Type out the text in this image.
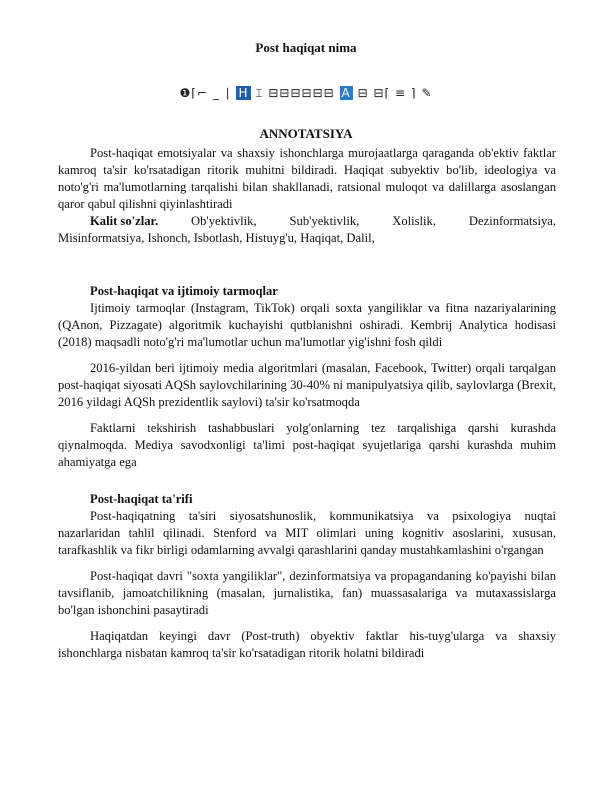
Post haqiqat nima
❶⌈⌐ _ ∣ H ⌶ ⊟⊟⊟⊟⊟⊟ A ⊟ ⊟⌈ ≡ ⌉ ✎
ANNOTATSIYA

Post-haqiqat emotsiyalar va shaxsiy ishonchlarga murojaatlarga qaraganda ob'ektiv faktlar kamroq ta'sir ko'rsatadigan ritorik muhitni bildiradi. Haqiqat subyektiv bo'lib, ideologiya va noto'g'ri ma'lumotlarning tarqalishi bilan shakllanadi, ratsional muloqot va dalillarga asoslangan qaror qabul qilishni qiyinlashtiradi

Kalit so'zlar.	Ob'yektivlik,	Sub'yektivlik,	Xolislik,	Dezinformatsiya,

Misinformatsiya, Ishonch, Isbotlash, Histuyg'u, Haqiqat, Dalil,

Post-haqiqat va ijtimoiy tarmoqlar

Ijtimoiy tarmoqlar (Instagram, TikTok) orqali soxta yangiliklar va fitna nazariyalarining (QAnon, Pizzagate) algoritmik kuchayishi qutblanishni oshiradi. Kembrij Analytica hodisasi (2018) maqsadli noto'g'ri ma'lumotlar uchun ma'lumotlar yig'ishni fosh qildi

2016-yildan beri ijtimoiy media algoritmlari (masalan, Facebook, Twitter) orqali tarqalgan post-haqiqat siyosati AQSh saylovchilarining 30-40% ni manipulyatsiya qilib, saylovlarga (Brexit, 2016 yildagi AQSh prezidentlik saylovi) ta'sir ko'rsatmoqda

Faktlarni tekshirish tashabbuslari yolg'onlarning tez tarqalishiga qarshi kurashda qiynalmoqda. Mediya savodxonligi ta'limi post-haqiqat syujetlariga qarshi kurashda muhim ahamiyatga ega

Post-haqiqat ta'rifi

Post-haqiqatning ta'siri siyosatshunoslik, kommunikatsiya va psixologiya nuqtai nazarlaridan tahlil qilinadi. Stenford va MIT olimlari uning kognitiv asoslarini, xususan, tarafkashlik va fikr birligi odamlarning avvalgi qarashlarini qanday mustahkamlashini o'rgangan

Post-haqiqat davri "soxta yangiliklar", dezinformatsiya va propagandaning ko'payishi bilan tavsiflanib, jamoatchilikning (masalan, jurnalistika, fan) muassasalariga va mutaxassislarga bo'lgan ishonchini pasaytiradi

Haqiqatdan keyingi davr (Post-truth) obyektiv faktlar his-tuyg'ularga va shaxsiy ishonchlarga nisbatan kamroq ta'sir ko'rsatadigan ritorik holatni bildiradi
